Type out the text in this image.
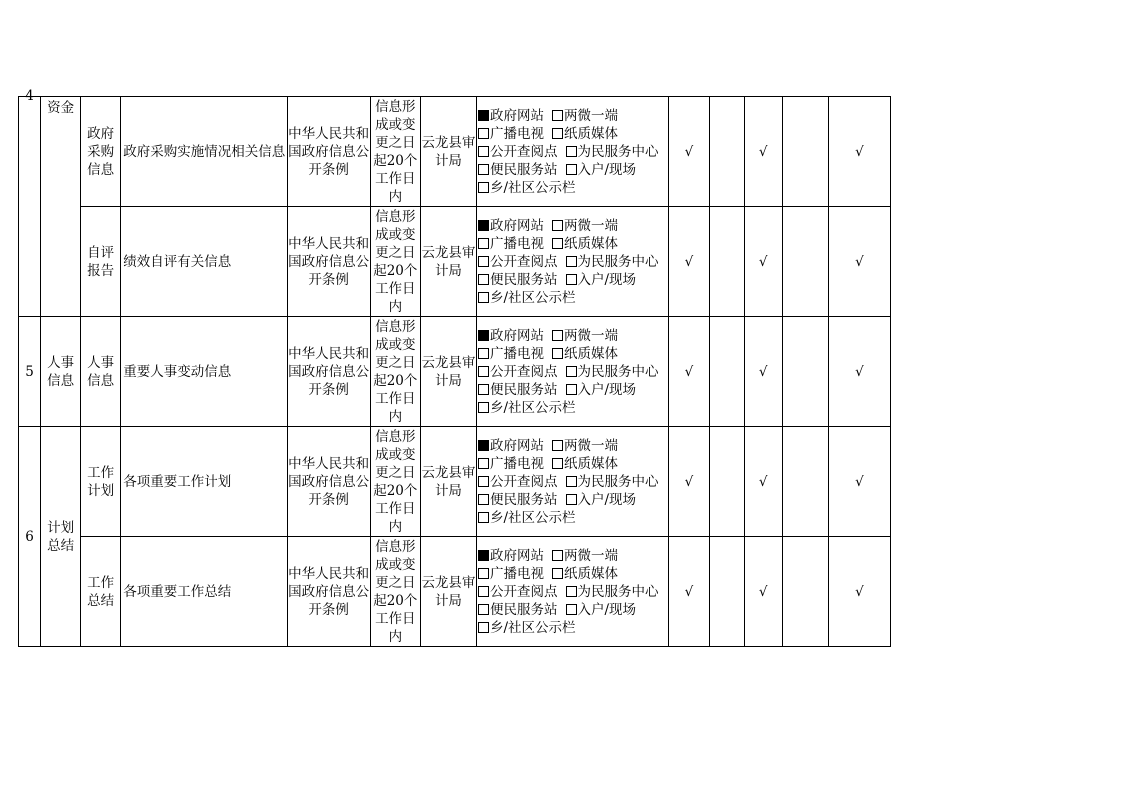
4	资金	政府采购信息	政府采购实施情况相关信息	中华人民共和国政府信息公开条例	信息形成或变更之日起20个工作日内	云龙县审计局	政府网站 两微一端
广播电视 纸质媒体
公开查阅点 为民服务中心
便民服务站 入户/现场
乡/社区公示栏	√		√		√
		自评报告	绩效自评有关信息	中华人民共和国政府信息公开条例	信息形成或变更之日起20个工作日内	云龙县审计局	政府网站 两微一端
广播电视 纸质媒体
公开查阅点 为民服务中心
便民服务站 入户/现场
乡/社区公示栏	√		√		√
5	人事信息	人事信息	重要人事变动信息	中华人民共和国政府信息公开条例	信息形成或变更之日起20个工作日内	云龙县审计局	政府网站 两微一端
广播电视 纸质媒体
公开查阅点 为民服务中心
便民服务站 入户/现场
乡/社区公示栏	√		√		√
6	计划总结	工作计划	各项重要工作计划	中华人民共和国政府信息公开条例	信息形成或变更之日起20个工作日内	云龙县审计局	政府网站 两微一端
广播电视 纸质媒体
公开查阅点 为民服务中心
便民服务站 入户/现场
乡/社区公示栏	√		√		√
		工作总结	各项重要工作总结	中华人民共和国政府信息公开条例	信息形成或变更之日起20个工作日内	云龙县审计局	政府网站 两微一端
广播电视 纸质媒体
公开查阅点 为民服务中心
便民服务站 入户/现场
乡/社区公示栏	√		√		√
